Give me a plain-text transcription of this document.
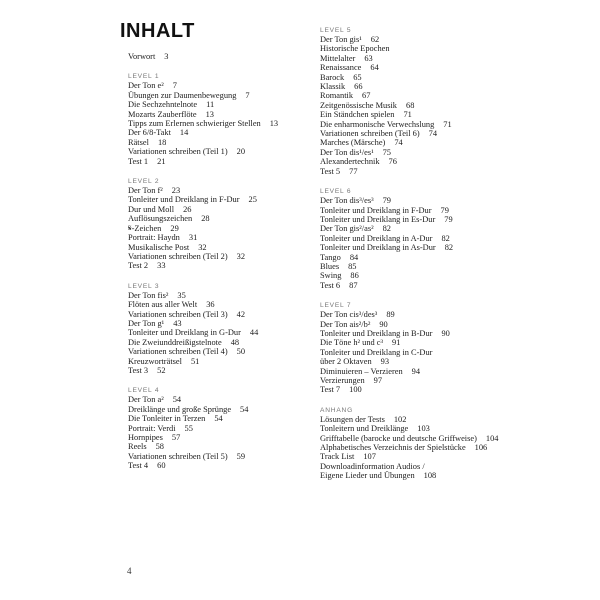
INHALT
Vorwort 3
LEVEL 1
Der Ton e² 7
Übungen zur Daumenbewegung 7
Die Sechzehntelnote 11
Mozarts Zauberflöte 13
Tipps zum Erlernen schwieriger Stellen 13
Der 6/8-Takt 14
Rätsel 18
Variationen schreiben (Teil 1) 20
Test 1 21
LEVEL 2
Der Ton f² 23
Tonleiter und Dreiklang in F-Dur 25
Dur und Moll 26
Auflösungszeichen 28
𝄋-Zeichen 29
Portrait: Haydn 31
Musikalische Post 32
Variationen schreiben (Teil 2) 32
Test 2 33
LEVEL 3
Der Ton fis² 35
Flöten aus aller Welt 36
Variationen schreiben (Teil 3) 42
Der Ton g¹ 43
Tonleiter und Dreiklang in G-Dur 44
Die Zweiunddreißigstelnote 48
Variationen schreiben (Teil 4) 50
Kreuzworträtsel 51
Test 3 52
LEVEL 4
Der Ton a² 54
Dreiklänge und große Sprünge 54
Die Tonleiter in Terzen 54
Portrait: Verdi 55
Hornpipes 57
Reels 58
Variationen schreiben (Teil 5) 59
Test 4 60
LEVEL 5
Der Ton gis¹ 62
Historische Epochen
Mittelalter 63
Renaissance 64
Barock 65
Klassik 66
Romantik 67
Zeitgenössische Musik 68
Ein Ständchen spielen 71
Die enharmonische Verwechslung 71
Variationen schreiben (Teil 6) 74
Marches (Märsche) 74
Der Ton dis¹/es¹ 75
Alexandertechnik 76
Test 5 77
LEVEL 6
Der Ton dis³/es³ 79
Tonleiter und Dreiklang in F-Dur 79
Tonleiter und Dreiklang in Es-Dur 79
Der Ton gis²/as² 82
Tonleiter und Dreiklang in A-Dur 82
Tonleiter und Dreiklang in As-Dur 82
Tango 84
Blues 85
Swing 86
Test 6 87
LEVEL 7
Der Ton cis³/des³ 89
Der Ton ais²/b² 90
Tonleiter und Dreiklang in B-Dur 90
Die Töne h² und c³ 91
Tonleiter und Dreiklang in C-Dur
über 2 Oktaven 93
Diminuieren – Verzieren 94
Verzierungen 97
Test 7 100
ANHANG
Lösungen der Tests 102
Tonleitern und Dreiklänge 103
Grifftabelle (barocke und deutsche Griffweise) 104
Alphabetisches Verzeichnis der Spielstücke 106
Track List 107
Downloadinformation Audios /
Eigene Lieder und Übungen 108
4
